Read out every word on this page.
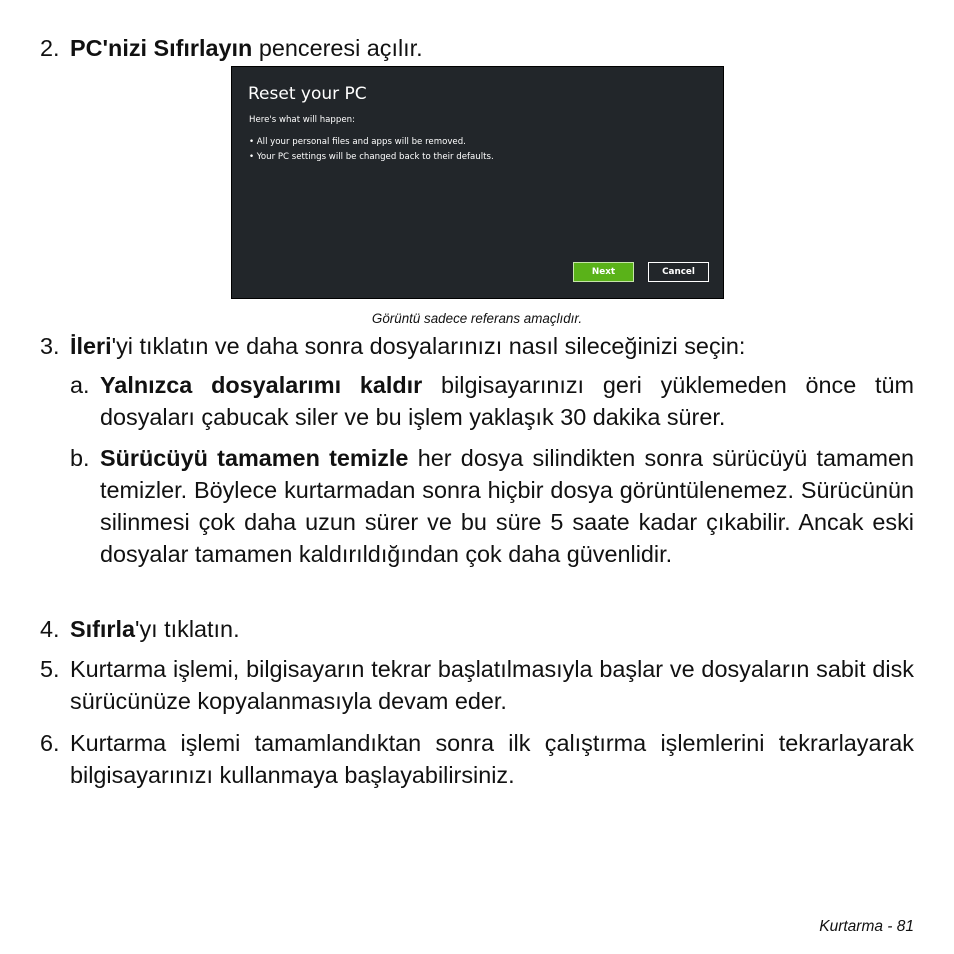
2. PC'nizi Sıfırlayın penceresi açılır.
Reset your PC
Here's what will happen:
• All your personal files and apps will be removed.
• Your PC settings will be changed back to their defaults.
Next	Cancel
Görüntü sadece referans amaçlıdır.
3. İleri'yi tıklatın ve daha sonra dosyalarınızı nasıl sileceğinizi seçin:
a. Yalnızca dosyalarımı kaldır bilgisayarınızı geri yüklemeden önce tüm dosyaları çabucak siler ve bu işlem yaklaşık 30 dakika sürer.
b. Sürücüyü tamamen temizle her dosya silindikten sonra sürücüyü tamamen temizler. Böylece kurtarmadan sonra hiçbir dosya görüntülenemez. Sürücünün silinmesi çok daha uzun sürer ve bu süre 5 saate kadar çıkabilir. Ancak eski dosyalar tamamen kaldırıldığından çok daha güvenlidir.
4. Sıfırla'yı tıklatın.
5. Kurtarma işlemi, bilgisayarın tekrar başlatılmasıyla başlar ve dosyaların sabit disk sürücünüze kopyalanmasıyla devam eder.
6. Kurtarma işlemi tamamlandıktan sonra ilk çalıştırma işlemlerini tekrarlayarak bilgisayarınızı kullanmaya başlayabilirsiniz.
Kurtarma - 81
